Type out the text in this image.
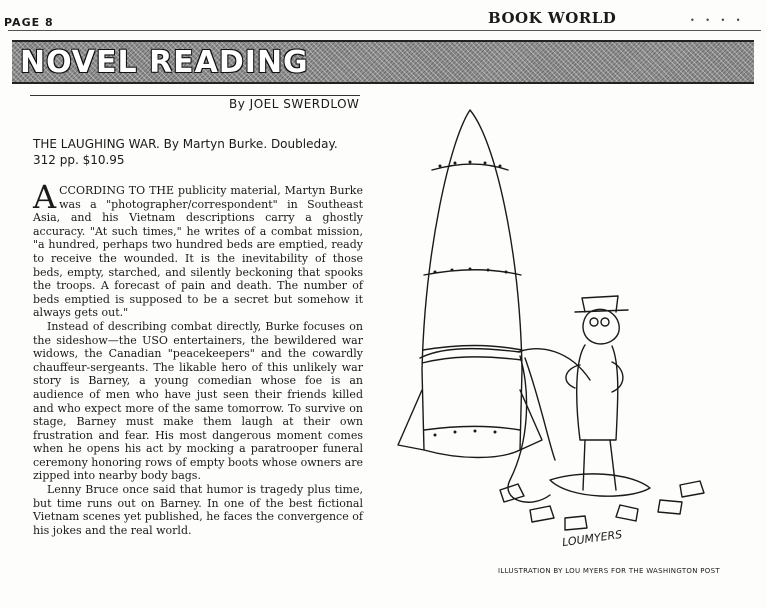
PAGE 8	BOOK WORLD	• • • •
NOVEL READING
By JOEL SWERDLOW
THE LAUGHING WAR. By Martyn Burke. Doubleday.
312 pp. $10.95

ACCORDING TO THE publicity material, Martyn Burke was a "photographer/correspondent" in Southeast Asia, and his Vietnam descriptions carry a ghostly accuracy. "At such times," he writes of a combat mission, "a hundred, perhaps two hundred beds are emptied, ready to receive the wounded. It is the inevitability of those beds, empty, starched, and silently beckoning that spooks the troops. A forecast of pain and death. The number of beds emptied is supposed to be a secret but somehow it always gets out."

Instead of describing combat directly, Burke focuses on the sideshow—the USO entertainers, the bewildered war widows, the Canadian "peacekeepers" and the cowardly chauffeur-sergeants. The likable hero of this unlikely war story is Barney, a young comedian whose foe is an audience of men who have just seen their friends killed and who expect more of the same tomorrow. To survive on stage, Barney must make them laugh at their own frustration and fear. His most dangerous moment comes when he opens his act by mocking a paratrooper funeral ceremony honoring rows of empty boots whose owners are zipped into nearby body bags.

Lenny Bruce once said that humor is tragedy plus time, but time runs out on Barney. In one of the best fictional Vietnam scenes yet published, he faces the convergence of his jokes and the real world.	LOUMYERS
ILLUSTRATION BY LOU MYERS FOR THE WASHINGTON POST
